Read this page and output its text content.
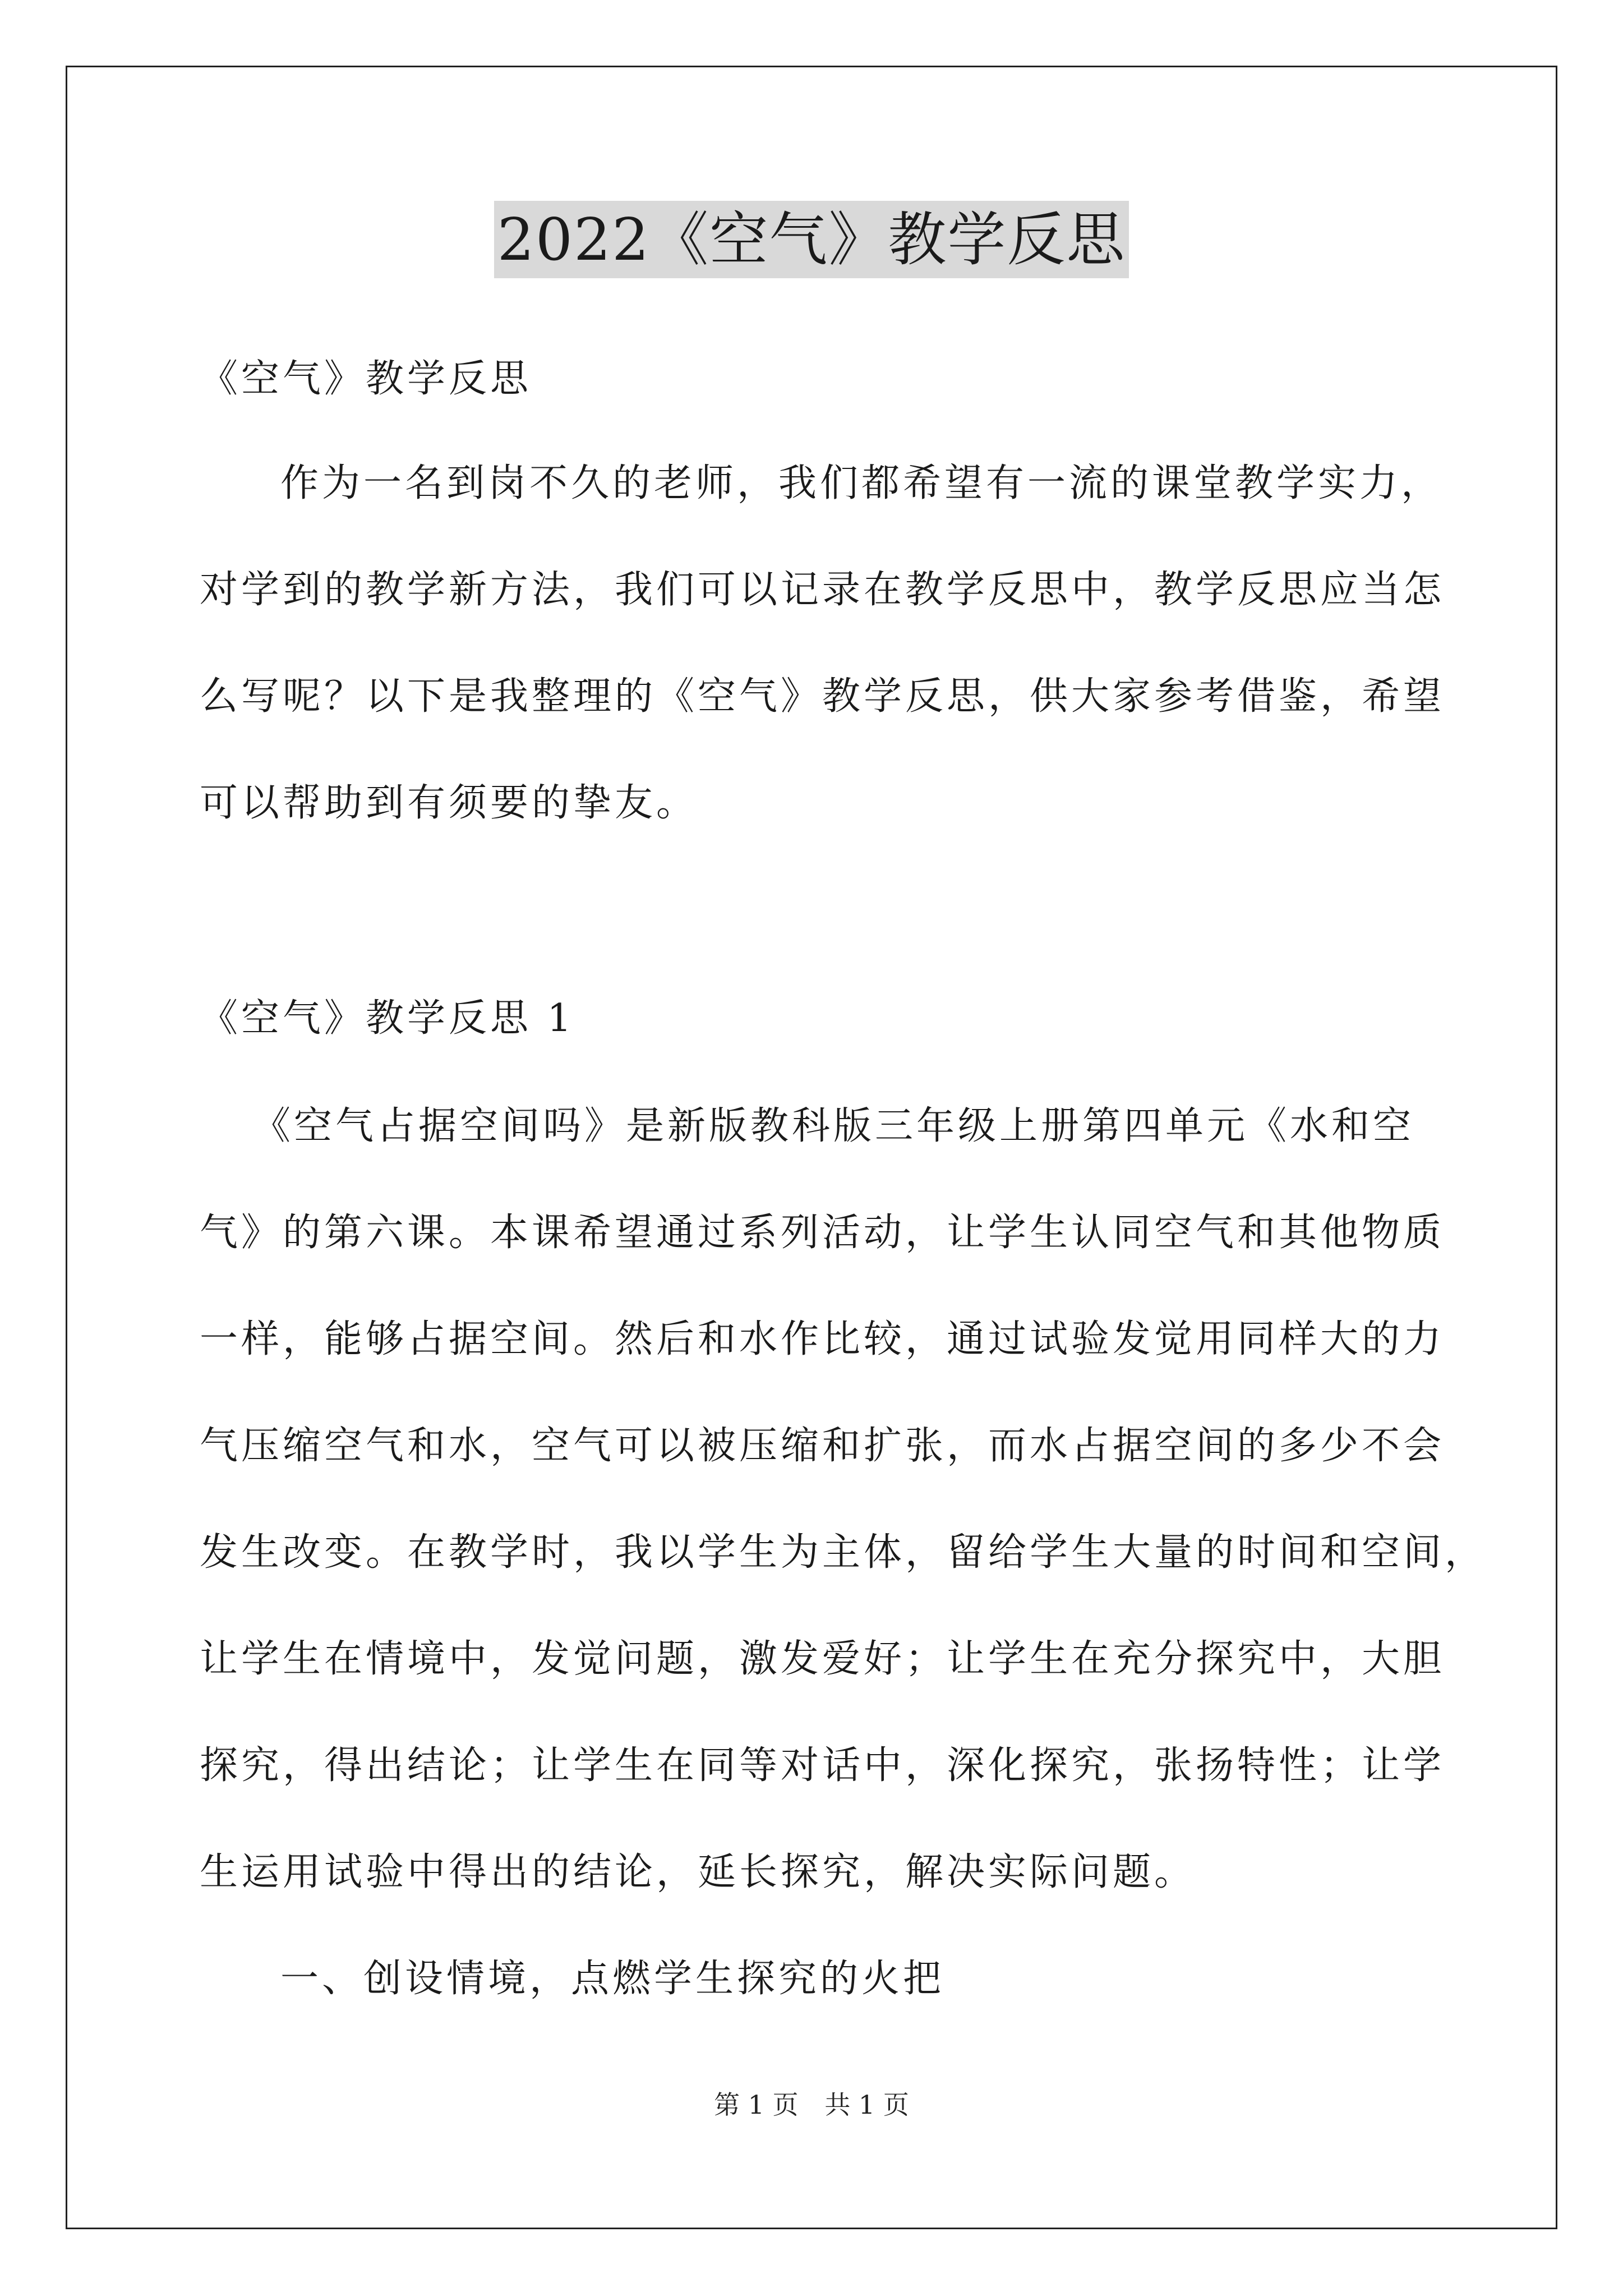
2022《空气》教学反思
《空气》教学反思
作为一名到岗不久的老师，我们都希望有一流的课堂教学实力，
对学到的教学新方法，我们可以记录在教学反思中，教学反思应当怎
么写呢？以下是我整理的《空气》教学反思，供大家参考借鉴，希望
可以帮助到有须要的挚友。
《空气》教学反思 1
《空气占据空间吗》是新版教科版三年级上册第四单元《水和空
气》的第六课。本课希望通过系列活动，让学生认同空气和其他物质
一样，能够占据空间。然后和水作比较，通过试验发觉用同样大的力
气压缩空气和水，空气可以被压缩和扩张，而水占据空间的多少不会
发生改变。在教学时，我以学生为主体，留给学生大量的时间和空间，
让学生在情境中，发觉问题，激发爱好；让学生在充分探究中，大胆
探究，得出结论；让学生在同等对话中，深化探究，张扬特性；让学
生运用试验中得出的结论，延长探究，解决实际问题。
一、创设情境，点燃学生探究的火把
第 1 页 共 1 页
